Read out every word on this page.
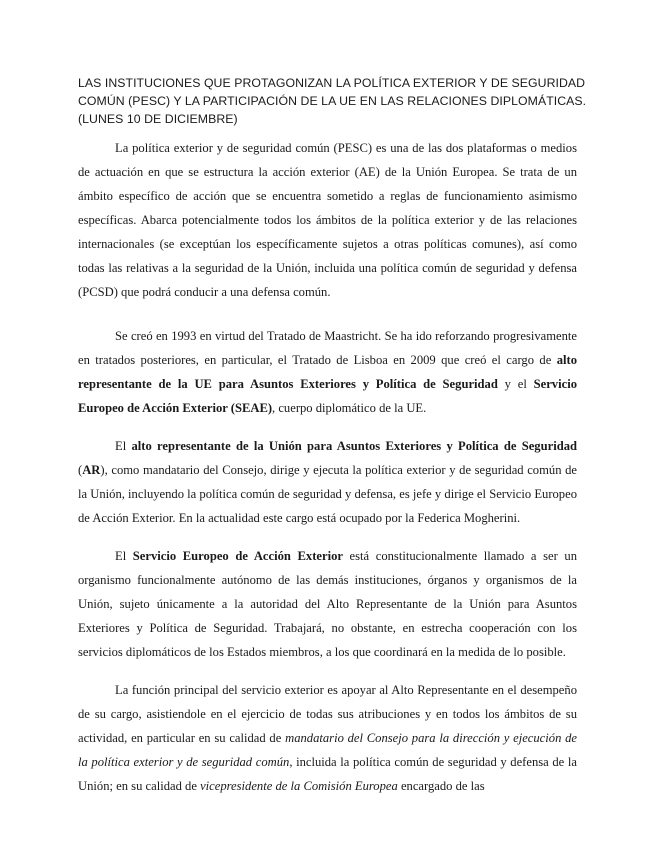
LAS INSTITUCIONES QUE PROTAGONIZAN LA POLÍTICA EXTERIOR Y DE SEGURIDAD
COMÚN (PESC) Y LA PARTICIPACIÓN DE LA UE EN LAS RELACIONES DIPLOMÁTICAS.
(LUNES 10 DE DICIEMBRE)

La política exterior y de seguridad común (PESC) es una de las dos plataformas o medios de actuación en que se estructura la acción exterior (AE) de la Unión Europea. Se trata de un ámbito específico de acción que se encuentra sometido a reglas de funcionamiento asimismo específicas. Abarca potencialmente todos los ámbitos de la política exterior y de las relaciones internacionales (se exceptúan los específicamente sujetos a otras políticas comunes), así como todas las relativas a la seguridad de la Unión, incluida una política común de seguridad y defensa (PCSD) que podrá conducir a una defensa común.

Se creó en 1993 en virtud del Tratado de Maastricht. Se ha ido reforzando progresivamente en tratados posteriores, en particular, el Tratado de Lisboa en 2009 que creó el cargo de alto representante de la UE para Asuntos Exteriores y Política de Seguridad y el Servicio Europeo de Acción Exterior (SEAE), cuerpo diplomático de la UE.

El alto representante de la Unión para Asuntos Exteriores y Política de Seguridad (AR), como mandatario del Consejo, dirige y ejecuta la política exterior y de seguridad común de la Unión, incluyendo la política común de seguridad y defensa, es jefe y dirige el Servicio Europeo de Acción Exterior. En la actualidad este cargo está ocupado por la Federica Mogherini.

El Servicio Europeo de Acción Exterior está constitucionalmente llamado a ser un organismo funcionalmente autónomo de las demás instituciones, órganos y organismos de la Unión, sujeto únicamente a la autoridad del Alto Representante de la Unión para Asuntos Exteriores y Política de Seguridad. Trabajará, no obstante, en estrecha cooperación con los servicios diplomáticos de los Estados miembros, a los que coordinará en la medida de lo posible.

La función principal del servicio exterior es apoyar al Alto Representante en el desempeño de su cargo, asistiendole en el ejercicio de todas sus atribuciones y en todos los ámbitos de su actividad, en particular en su calidad de mandatario del Consejo para la dirección y ejecución de la política exterior y de seguridad común, incluida la política común de seguridad y defensa de la Unión; en su calidad de vicepresidente de la Comisión Europea encargado de las
